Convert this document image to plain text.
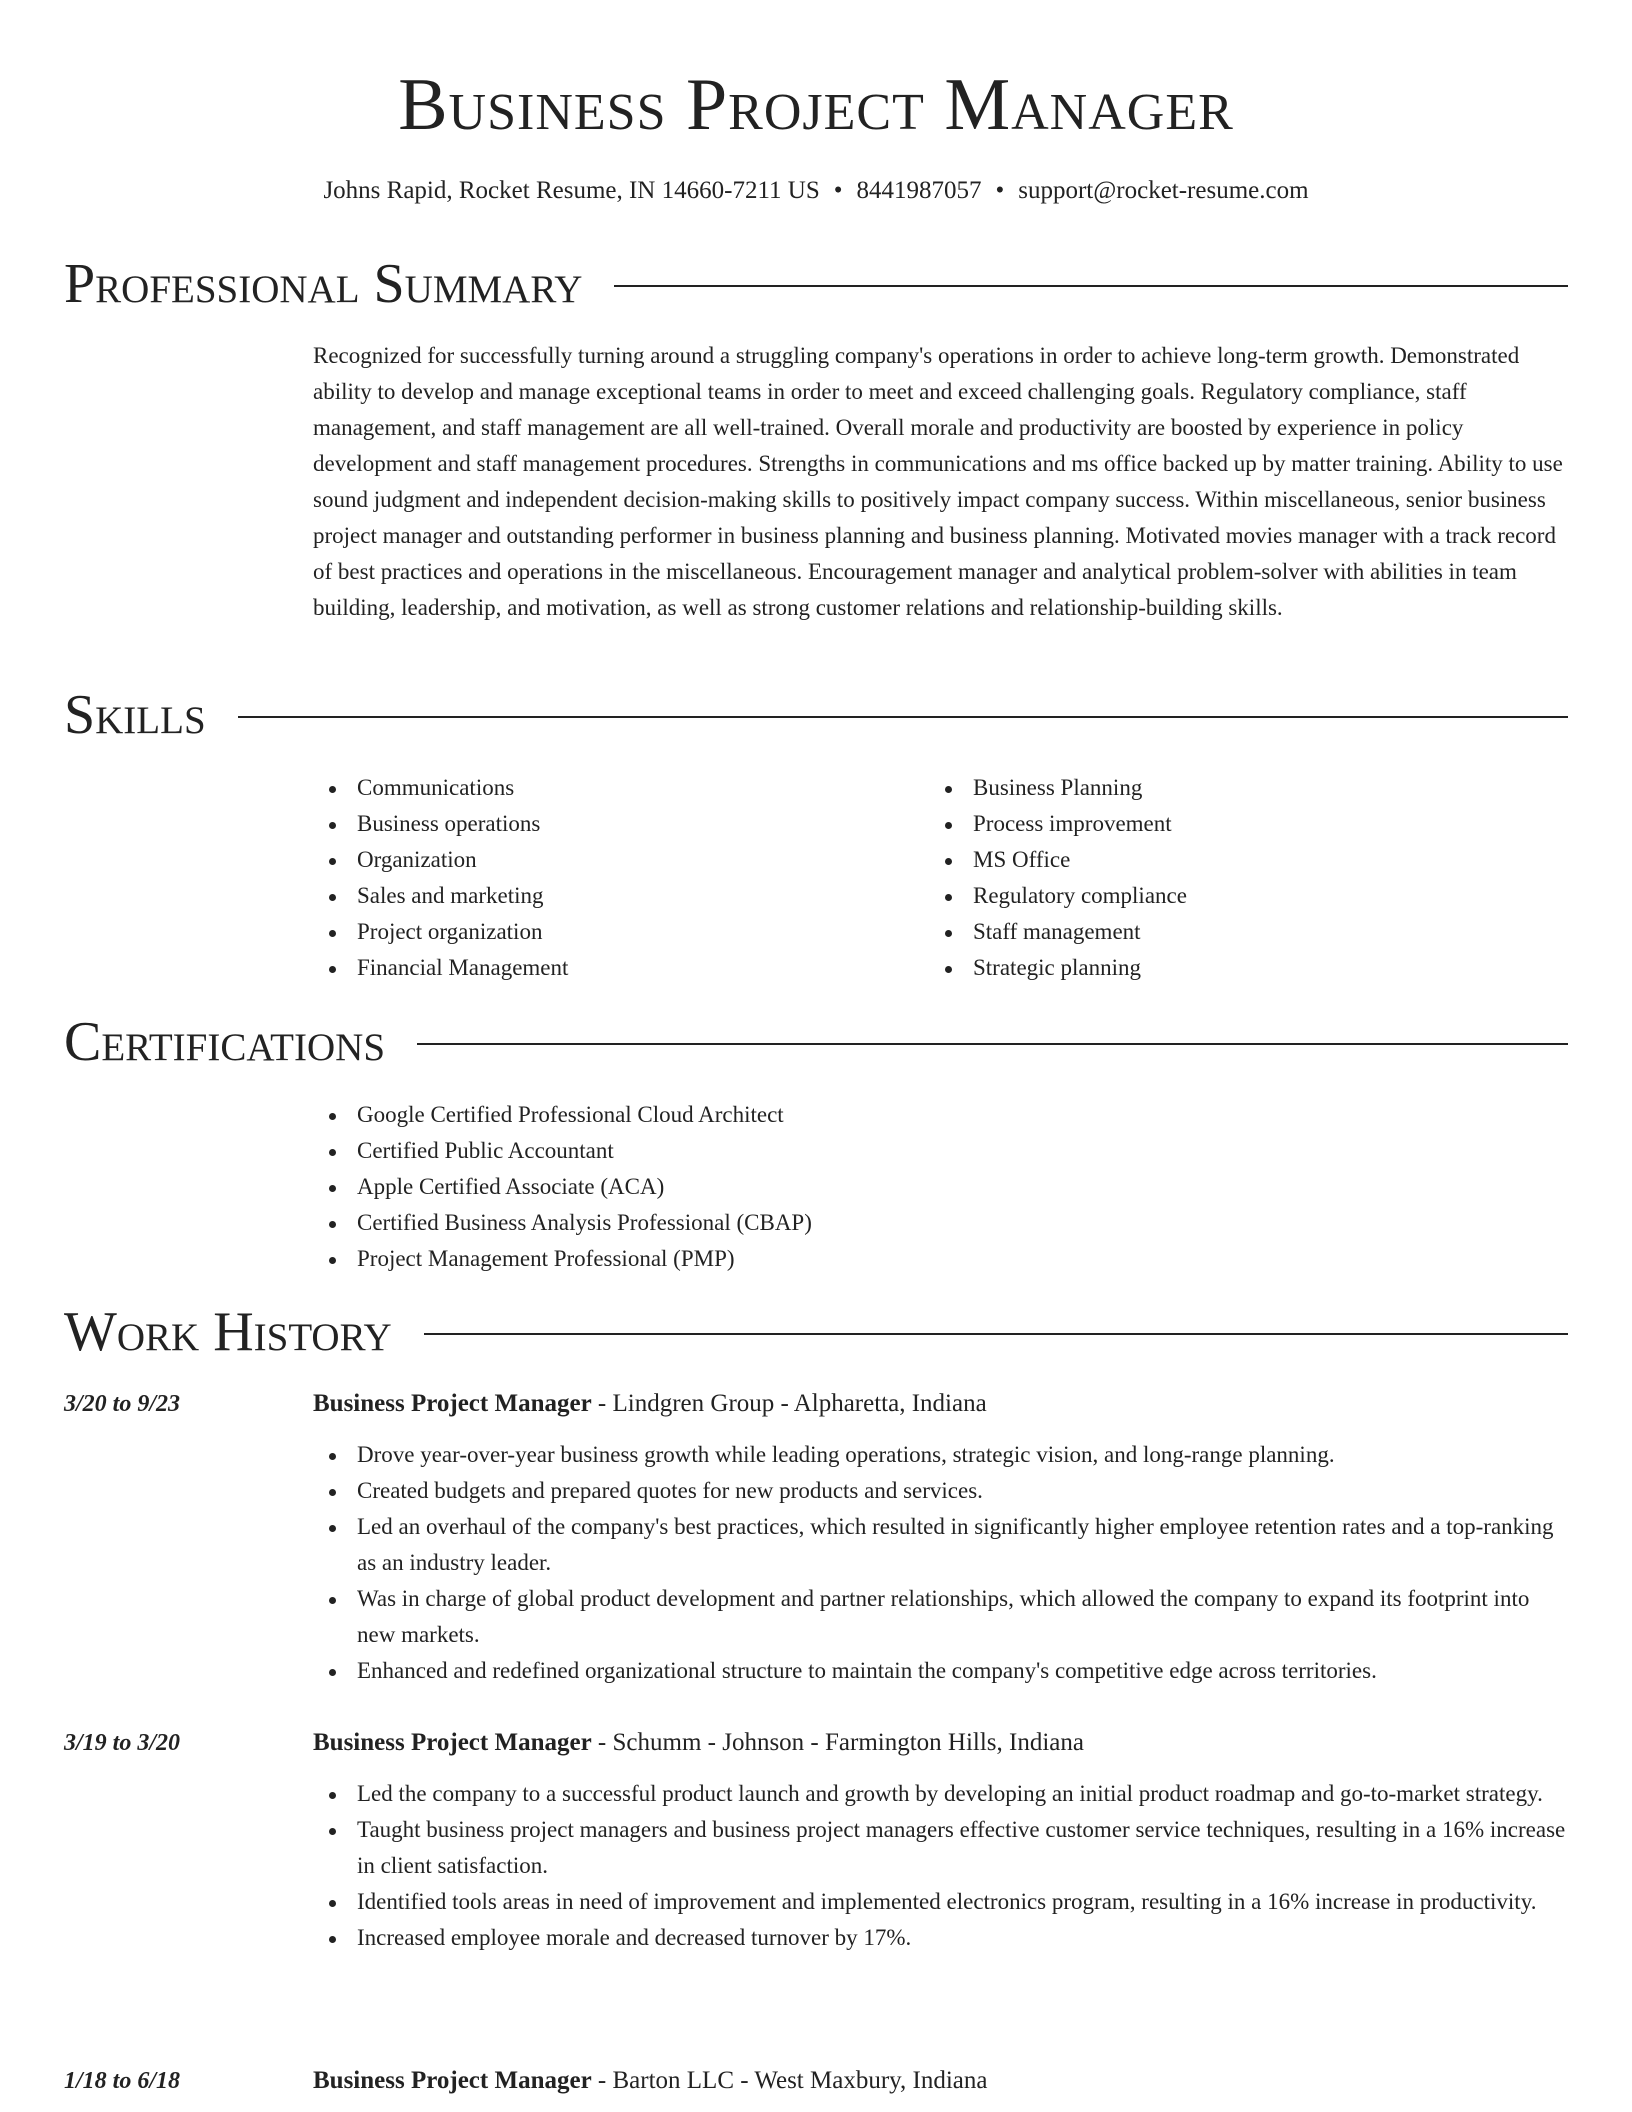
Business Project Manager
Johns Rapid, Rocket Resume, IN 14660-7211 US • 8441987057 • support@rocket-resume.com
Professional Summary

Recognized for successfully turning around a struggling company's operations in order to achieve long-term growth. Demonstrated ability to develop and manage exceptional teams in order to meet and exceed challenging goals. Regulatory compliance, staff management, and staff management are all well-trained. Overall morale and productivity are boosted by experience in policy development and staff management procedures. Strengths in communications and ms office backed up by matter training. Ability to use sound judgment and independent decision-making skills to positively impact company success. Within miscellaneous, senior business project manager and outstanding performer in business planning and business planning. Motivated movies manager with a track record of best practices and operations in the miscellaneous. Encouragement manager and analytical problem-solver with abilities in team building, leadership, and motivation, as well as strong customer relations and relationship-building skills.

Skills
Communications
Business operations
Organization
Sales and marketing
Project organization
Financial Management
Business Planning
Process improvement
MS Office
Regulatory compliance
Staff management
Strategic planning
Certifications
Google Certified Professional Cloud Architect
Certified Public Accountant
Apple Certified Associate (ACA)
Certified Business Analysis Professional (CBAP)
Project Management Professional (PMP)
Work History
3/20 to 9/23	Business Project Manager - Lindgren Group - Alpharetta, Indiana
Drove year-over-year business growth while leading operations, strategic vision, and long-range planning.
Created budgets and prepared quotes for new products and services.
Led an overhaul of the company's best practices, which resulted in significantly higher employee retention rates and a top-ranking as an industry leader.
Was in charge of global product development and partner relationships, which allowed the company to expand its footprint into new markets.
Enhanced and redefined organizational structure to maintain the company's competitive edge across territories.
3/19 to 3/20	Business Project Manager - Schumm - Johnson - Farmington Hills, Indiana
Led the company to a successful product launch and growth by developing an initial product roadmap and go-to-market strategy.
Taught business project managers and business project managers effective customer service techniques, resulting in a 16% increase in client satisfaction.
Identified tools areas in need of improvement and implemented electronics program, resulting in a 16% increase in productivity.
Increased employee morale and decreased turnover by 17%.
1/18 to 6/18	Business Project Manager - Barton LLC - West Maxbury, Indiana
